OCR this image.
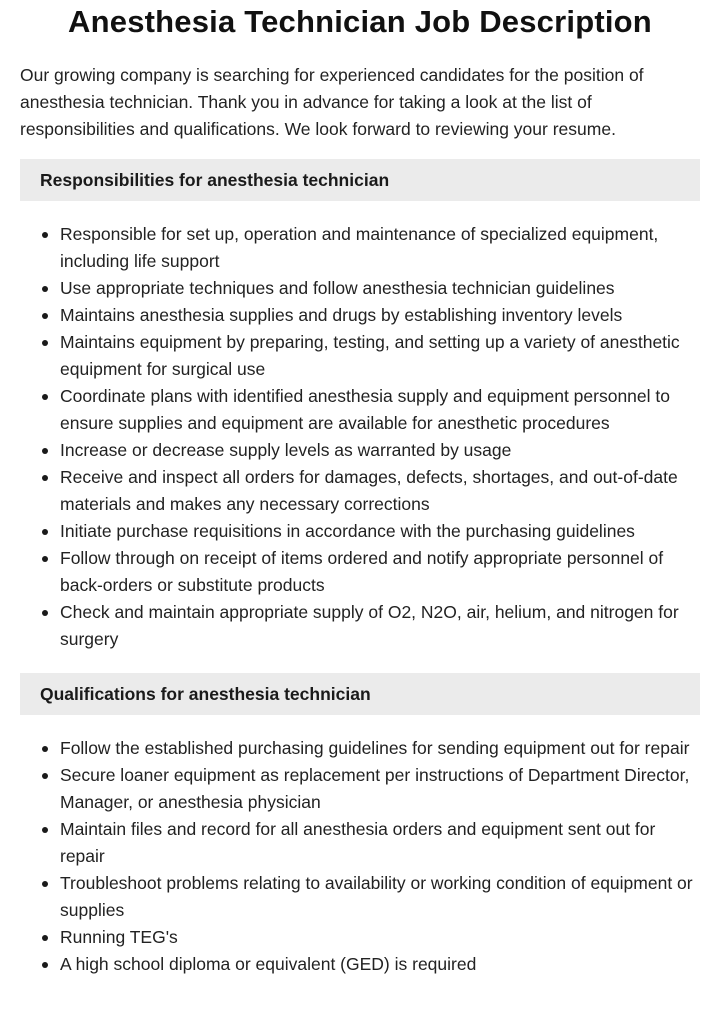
Anesthesia Technician Job Description

Our growing company is searching for experienced candidates for the position of anesthesia technician. Thank you in advance for taking a look at the list of responsibilities and qualifications. We look forward to reviewing your resume.

Responsibilities for anesthesia technician
Responsible for set up, operation and maintenance of specialized equipment, including life support
Use appropriate techniques and follow anesthesia technician guidelines
Maintains anesthesia supplies and drugs by establishing inventory levels
Maintains equipment by preparing, testing, and setting up a variety of anesthetic equipment for surgical use
Coordinate plans with identified anesthesia supply and equipment personnel to ensure supplies and equipment are available for anesthetic procedures
Increase or decrease supply levels as warranted by usage
Receive and inspect all orders for damages, defects, shortages, and out-of-date materials and makes any necessary corrections
Initiate purchase requisitions in accordance with the purchasing guidelines
Follow through on receipt of items ordered and notify appropriate personnel of back-orders or substitute products
Check and maintain appropriate supply of O2, N2O, air, helium, and nitrogen for surgery
Qualifications for anesthesia technician
Follow the established purchasing guidelines for sending equipment out for repair
Secure loaner equipment as replacement per instructions of Department Director, Manager, or anesthesia physician
Maintain files and record for all anesthesia orders and equipment sent out for repair
Troubleshoot problems relating to availability or working condition of equipment or supplies
Running TEG's
A high school diploma or equivalent (GED) is required
